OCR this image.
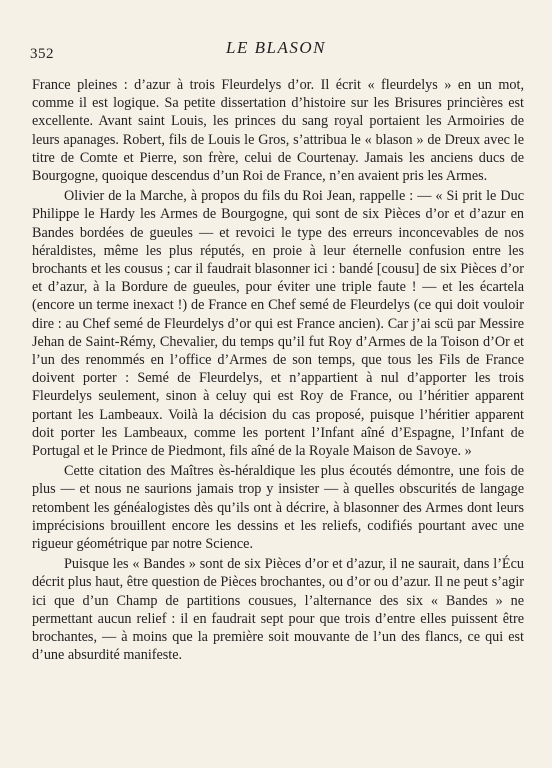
352	LE BLASON

France pleines : d’azur à trois Fleurdelys d’or. Il écrit « fleurdelys » en un mot, comme il est logique. Sa petite dissertation d’histoire sur les Brisures princières est excellente. Avant saint Louis, les princes du sang royal portaient les Armoiries de leurs apanages. Robert, fils de Louis le Gros, s’attribua le « blason » de Dreux avec le titre de Comte et Pierre, son frère, celui de Courtenay. Jamais les anciens ducs de Bourgogne, quoique descendus d’un Roi de France, n’en avaient pris les Armes.

Olivier de la Marche, à propos du fils du Roi Jean, rappelle : — « Si prit le Duc Philippe le Hardy les Armes de Bourgogne, qui sont de six Pièces d’or et d’azur en Bandes bordées de gueules — et revoici le type des erreurs inconcevables de nos héraldistes, même les plus réputés, en proie à leur éternelle confusion entre les brochants et les cousus ; car il faudrait blasonner ici : bandé [cousu] de six Pièces d’or et d’azur, à la Bordure de gueules, pour éviter une triple faute ! — et les écartela (encore un terme inexact !) de France en Chef semé de Fleurdelys (ce qui doit vouloir dire : au Chef semé de Fleurdelys d’or qui est France ancien). Car j’ai scü par Messire Jehan de Saint-Rémy, Chevalier, du temps qu’il fut Roy d’Armes de la Toison d’Or et l’un des renommés en l’office d’Armes de son temps, que tous les Fils de France doivent porter : Semé de Fleurdelys, et n’appartient à nul d’apporter les trois Fleurdelys seulement, sinon à celuy qui est Roy de France, ou l’héritier apparent portant les Lambeaux. Voilà la décision du cas proposé, puisque l’héritier apparent doit porter les Lambeaux, comme les portent l’Infant aîné d’Espagne, l’Infant de Portugal et le Prince de Piedmont, fils aîné de la Royale Maison de Savoye. »

Cette citation des Maîtres ès-héraldique les plus écoutés démontre, une fois de plus — et nous ne saurions jamais trop y insister — à quelles obscurités de langage retombent les généalogistes dès qu’ils ont à décrire, à blasonner des Armes dont leurs imprécisions brouillent encore les dessins et les reliefs, codifiés pourtant avec une rigueur géométrique par notre Science.

Puisque les « Bandes » sont de six Pièces d’or et d’azur, il ne saurait, dans l’Écu décrit plus haut, être question de Pièces brochantes, ou d’or ou d’azur. Il ne peut s’agir ici que d’un Champ de partitions cousues, l’alternance des six « Bandes » ne permettant aucun relief : il en faudrait sept pour que trois d’entre elles puissent être brochantes, — à moins que la première soit mouvante de l’un des flancs, ce qui est d’une absurdité manifeste.
